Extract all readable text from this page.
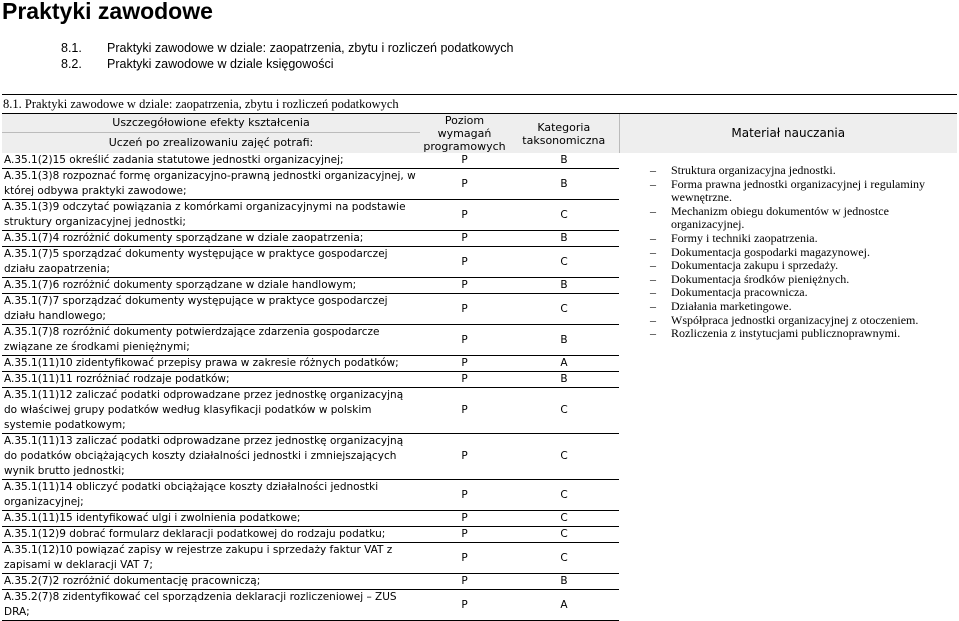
Praktyki zawodowe
8.1. Praktyki zawodowe w dziale: zaopatrzenia, zbytu i rozliczeń podatkowych
8.2. Praktyki zawodowe w dziale księgowości
8.1. Praktyki zawodowe w dziale: zaopatrzenia, zbytu i rozliczeń podatkowych			
Uszczegółowione efekty kształcenia	Poziom wymagań programowych	Kategoria taksonomiczna	Materiał nauczania
Uczeń po zrealizowaniu zajęć potrafi:			
A.35.1(2)15 określić zadania statutowe jednostki organizacyjnej;	P	B	
A.35.1(3)8 rozpoznać formę organizacyjno-prawną jednostki organizacyjnej, w której odbywa praktyki zawodowe;	P	B	
A.35.1(3)9 odczytać powiązania z komórkami organizacyjnymi na podstawie struktury organizacyjnej jednostki;	P	C	
A.35.1(7)4 rozróżnić dokumenty sporządzane w dziale zaopatrzenia;	P	B	
A.35.1(7)5 sporządzać dokumenty występujące w praktyce gospodarczej działu zaopatrzenia;	P	C	
A.35.1(7)6 rozróżnić dokumenty sporządzane w dziale handlowym;	P	B	
A.35.1(7)7 sporządzać dokumenty występujące w praktyce gospodarczej działu handlowego;	P	C	
A.35.1(7)8 rozróżnić dokumenty potwierdzające zdarzenia gospodarcze związane ze środkami pieniężnymi;	P	B	
A.35.1(11)10 zidentyfikować przepisy prawa w zakresie różnych podatków;	P	A	
A.35.1(11)11 rozróżniać rodzaje podatków;	P	B	
A.35.1(11)12 zaliczać podatki odprowadzane przez jednostkę organizacyjną do właściwej grupy podatków według klasyfikacji podatków w polskim systemie podatkowym;	P	C	
A.35.1(11)13 zaliczać podatki odprowadzane przez jednostkę organizacyjną do podatków obciążających koszty działalności jednostki i zmniejszających wynik brutto jednostki;	P	C	
A.35.1(11)14 obliczyć podatki obciążające koszty działalności jednostki organizacyjnej;	P	C	
A.35.1(11)15 identyfikować ulgi i zwolnienia podatkowe;	P	C	
A.35.1(12)9 dobrać formularz deklaracji podatkowej do rodzaju podatku;	P	C	
A.35.1(12)10 powiązać zapisy w rejestrze zakupu i sprzedaży faktur VAT z zapisami w deklaracji VAT 7;	P	C	
A.35.2(7)2 rozróżnić dokumentację pracowniczą;	P	B	
A.35.2(7)8 zidentyfikować cel sporządzenia deklaracji rozliczeniowej – ZUS DRA;	P	A	
– Struktura organizacyjna jednostki.
– Forma prawna jednostki organizacyjnej i regulaminy
wewnętrzne.
– Mechanizm obiegu dokumentów w jednostce
organizacyjnej.
– Formy i techniki zaopatrzenia.
– Dokumentacja gospodarki magazynowej.
– Dokumentacja zakupu i sprzedaży.
– Dokumentacja środków pieniężnych.
– Dokumentacja pracownicza.
– Działania marketingowe.
– Współpraca jednostki organizacyjnej z otoczeniem.
– Rozliczenia z instytucjami publicznoprawnymi.
